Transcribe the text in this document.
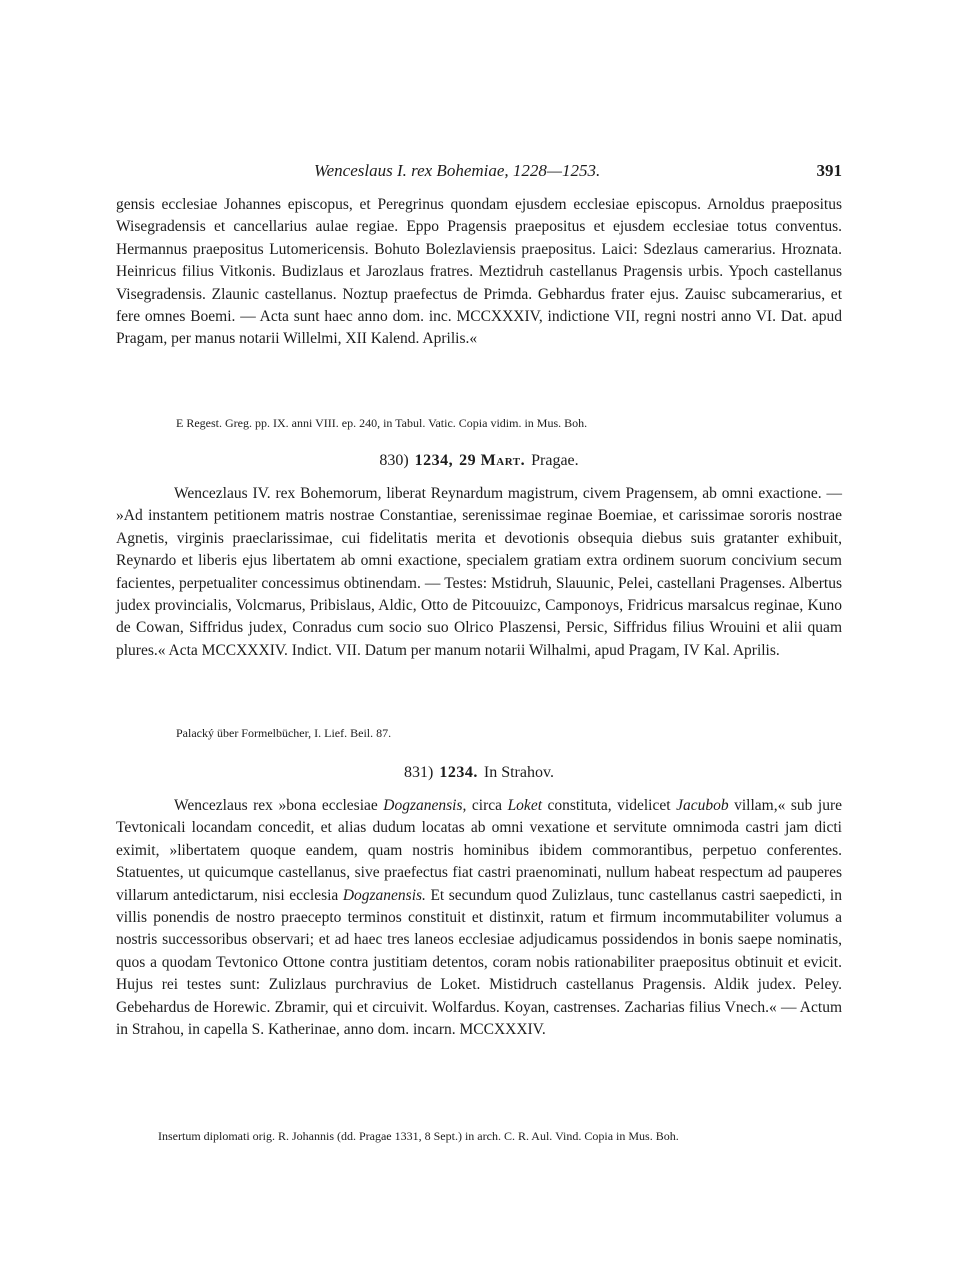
Wenceslaus I. rex Bohemiae, 1228—1253.	391

gensis ecclesiae Johannes episcopus, et Peregrinus quondam ejusdem ecclesiae episcopus. Arnoldus praepositus Wisegradensis et cancellarius aulae regiae. Eppo Pragensis praepositus et ejusdem ecclesiae totus conventus. Hermannus praepositus Lutomericensis. Bohuto Bolezlaviensis praepositus. Laici: Sdezlaus camerarius. Hroznata. Heinricus filius Vitkonis. Budizlaus et Jarozlaus fratres. Meztidruh castellanus Pragensis urbis. Ypoch castellanus Visegradensis. Zlaunic castellanus. Noztup praefectus de Primda. Gebhardus frater ejus. Zauisc subcamerarius, et fere omnes Boemi. — Acta sunt haec anno dom. inc. MCCXXXIV, indictione VII, regni nostri anno VI. Dat. apud Pragam, per manus notarii Willelmi, XII Kalend. Aprilis.«

E Regest. Greg. pp. IX. anni VIII. ep. 240, in Tabul. Vatic. Copia vidim. in Mus. Boh.
830) 1234, 29 Mart. Pragae.

Wencezlaus IV. rex Bohemorum, liberat Reynardum magistrum, civem Pragensem, ab omni exactione. — »Ad instantem petitionem matris nostrae Constantiae, serenissimae reginae Boemiae, et carissimae sororis nostrae Agnetis, virginis praeclarissimae, cui fidelitatis merita et devotionis obsequia diebus suis gratanter exhibuit, Reynardo et liberis ejus libertatem ab omni exactione, specialem gratiam extra ordinem suorum concivium secum facientes, perpetualiter concessimus obtinendam. — Testes: Mstidruh, Slauunic, Pelei, castellani Pragenses. Albertus judex provincialis, Volcmarus, Pribislaus, Aldic, Otto de Pitcouuizc, Camponoys, Fridricus marsalcus reginae, Kuno de Cowan, Siffridus judex, Conradus cum socio suo Olrico Plaszensi, Persic, Siffridus filius Wrouini et alii quam plures.« Acta MCCXXXIV. Indict. VII. Datum per manum notarii Wilhalmi, apud Pragam, IV Kal. Aprilis.

Palacký über Formelbücher, I. Lief. Beil. 87.
831) 1234. In Strahov.

Wencezlaus rex »bona ecclesiae Dogzanensis, circa Loket constituta, videlicet Jacubob villam,« sub jure Tevtonicali locandam concedit, et alias dudum locatas ab omni vexatione et servitute omnimoda castri jam dicti eximit, »libertatem quoque eandem, quam nostris hominibus ibidem commorantibus, perpetuo conferentes. Statuentes, ut quicumque castellanus, sive praefectus fiat castri praenominati, nullum habeat respectum ad pauperes villarum antedictarum, nisi ecclesia Dogzanensis. Et secundum quod Zulizlaus, tunc castellanus castri saepedicti, in villis ponendis de nostro praecepto terminos constituit et distinxit, ratum et firmum incommutabiliter volumus a nostris successoribus observari; et ad haec tres laneos ecclesiae adjudicamus possidendos in bonis saepe nominatis, quos a quodam Tevtonico Ottone contra justitiam detentos, coram nobis rationabiliter praepositus obtinuit et evicit. Hujus rei testes sunt: Zulizlaus purchravius de Loket. Mistidruch castellanus Pragensis. Aldik judex. Peley. Gebehardus de Horewic. Zbramir, qui et circuivit. Wolfardus. Koyan, castrenses. Zacharias filius Vnech.« — Actum in Strahou, in capella S. Katherinae, anno dom. incarn. MCCXXXIV.

Insertum diplomati orig. R. Johannis (dd. Pragae 1331, 8 Sept.) in arch. C. R. Aul. Vind. Copia in Mus. Boh.
